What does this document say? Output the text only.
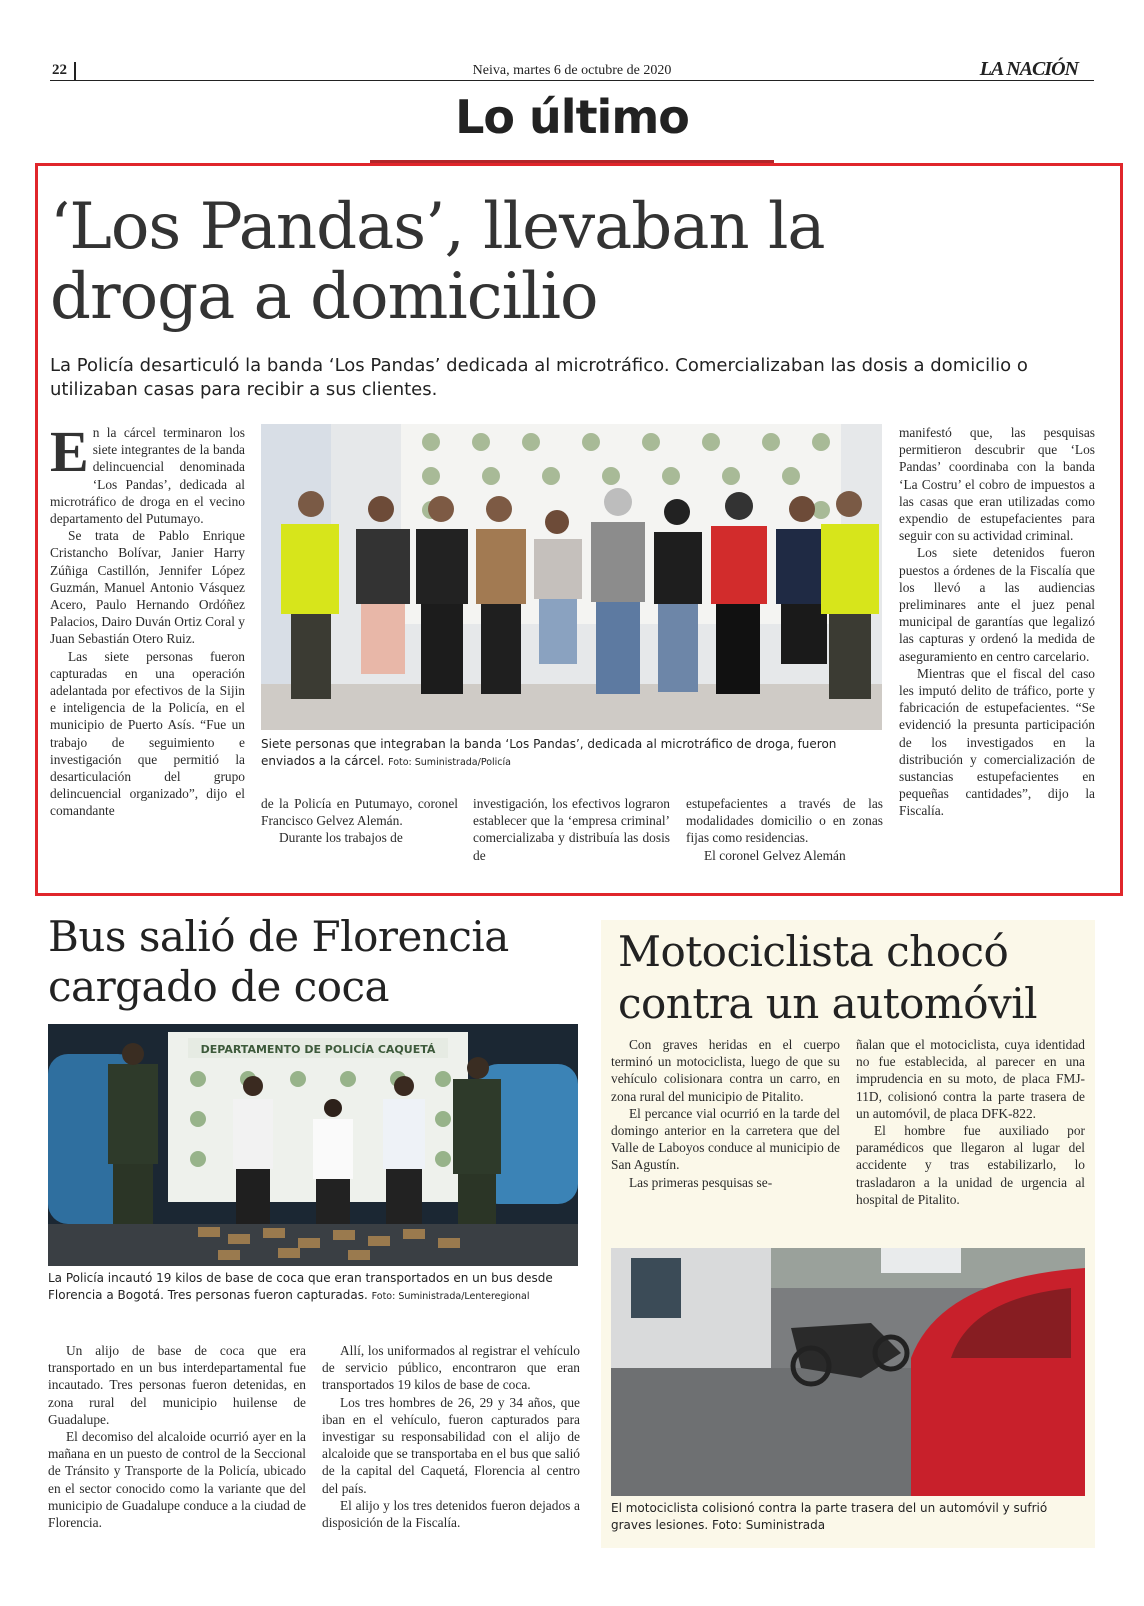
22	Neiva, martes 6 de octubre de 2020	LA NACIÓN
Lo último
‘Los Pandas’, llevaban la
droga a domicilio
La Policía desarticuló la banda ‘Los Pandas’ dedicada al microtráfico. Comercializaban las dosis a domicilio o utilizaban casas para recibir a sus clientes.

En la cárcel terminaron los siete integrantes de la banda delincuencial denominada ‘Los Pandas’, dedicada al microtráfico de droga en el vecino departamento del Putumayo.

Se trata de Pablo Enrique Cristancho Bolívar, Janier Harry Zúñiga Castillón, Jennifer López Guzmán, Manuel Antonio Vásquez Acero, Paulo Hernando Ordóñez Palacios, Dairo Duván Ortiz Coral y Juan Sebastián Otero Ruiz.

Las siete personas fueron capturadas en una operación adelantada por efectivos de la Sijin e inteligencia de la Policía, en el municipio de Puerto Asís. “Fue un trabajo de seguimiento e investigación que permitió la desarticulación del grupo delincuencial organizado”, dijo el comandante

Siete personas que integraban la banda ‘Los Pandas’, dedicada al microtráfico de droga, fueron enviados a la cárcel. Foto: Suministrada/Policía

de la Policía en Putumayo, coronel Francisco Gelvez Alemán.

Durante los trabajos de

investigación, los efectivos lograron establecer que la ‘empresa criminal’ comercializaba y distribuía las dosis de

estupefacientes a través de las modalidades domicilio o en zonas fijas como residencias.

El coronel Gelvez Alemán

manifestó que, las pesquisas permitieron descubrir que ‘Los Pandas’ coordinaba con la banda ‘La Costru’ el cobro de impuestos a las casas que eran utilizadas como expendio de estupefacientes para seguir con su actividad criminal.

Los siete detenidos fueron puestos a órdenes de la Fiscalía que los llevó a las audiencias preliminares ante el juez penal municipal de garantías que legalizó las capturas y ordenó la medida de aseguramiento en centro carcelario.

Mientras que el fiscal del caso les imputó delito de tráfico, porte y fabricación de estupefacientes. “Se evidenció la presunta participación de los investigados en la distribución y comercialización de sustancias estupefacientes en pequeñas cantidades”, dijo la Fiscalía.

Bus salió de Florencia
cargado de coca
DEPARTAMENTO DE POLICÍA CAQUETÁ
La Policía incautó 19 kilos de base de coca que eran transportados en un bus desde Florencia a Bogotá. Tres personas fueron capturadas. Foto: Suministrada/Lenteregional

Un alijo de base de coca que era transportado en un bus interdepartamental fue incautado. Tres personas fueron detenidas, en zona rural del municipio huilense de Guadalupe.

El decomiso del alcaloide ocurrió ayer en la mañana en un puesto de control de la Seccional de Tránsito y Transporte de la Policía, ubicado en el sector conocido como la variante que del municipio de Guadalupe conduce a la ciudad de Florencia.

Allí, los uniformados al registrar el vehículo de servicio público, encontraron que eran transportados 19 kilos de base de coca.

Los tres hombres de 26, 29 y 34 años, que iban en el vehículo, fueron capturados para investigar su responsabilidad con el alijo de alcaloide que se transportaba en el bus que salió de la capital del Caquetá, Florencia al centro del país.

El alijo y los tres detenidos fueron dejados a disposición de la Fiscalía.

Motociclista chocó
contra un automóvil

Con graves heridas en el cuerpo terminó un motociclista, luego de que su vehículo colisionara contra un carro, en zona rural del municipio de Pitalito.

El percance vial ocurrió en la tarde del domingo anterior en la carretera que del Valle de Laboyos conduce al municipio de San Agustín.

Las primeras pesquisas se-

ñalan que el motociclista, cuya identidad no fue establecida, al parecer en una imprudencia en su moto, de placa FMJ-11D, colisionó contra la parte trasera de un automóvil, de placa DFK-822.

El hombre fue auxiliado por paramédicos que llegaron al lugar del accidente y tras estabilizarlo, lo trasladaron a la unidad de urgencia al hospital de Pitalito.

El motociclista colisionó contra la parte trasera del un automóvil y sufrió graves lesiones. Foto: Suministrada
